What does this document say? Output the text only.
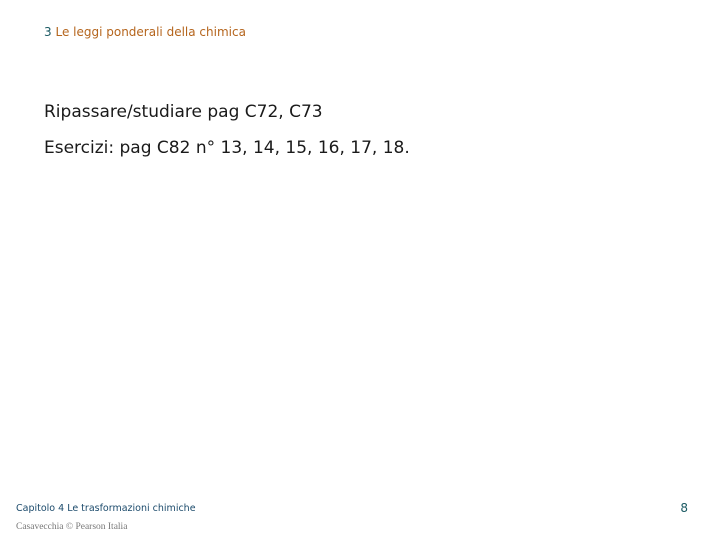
3 Le leggi ponderali della chimica
Ripassare/studiare pag C72, C73
Esercizi: pag C82 n° 13, 14, 15, 16, 17, 18.
Capitolo 4 Le trasformazioni chimiche
Casavecchia © Pearson Italia
8
